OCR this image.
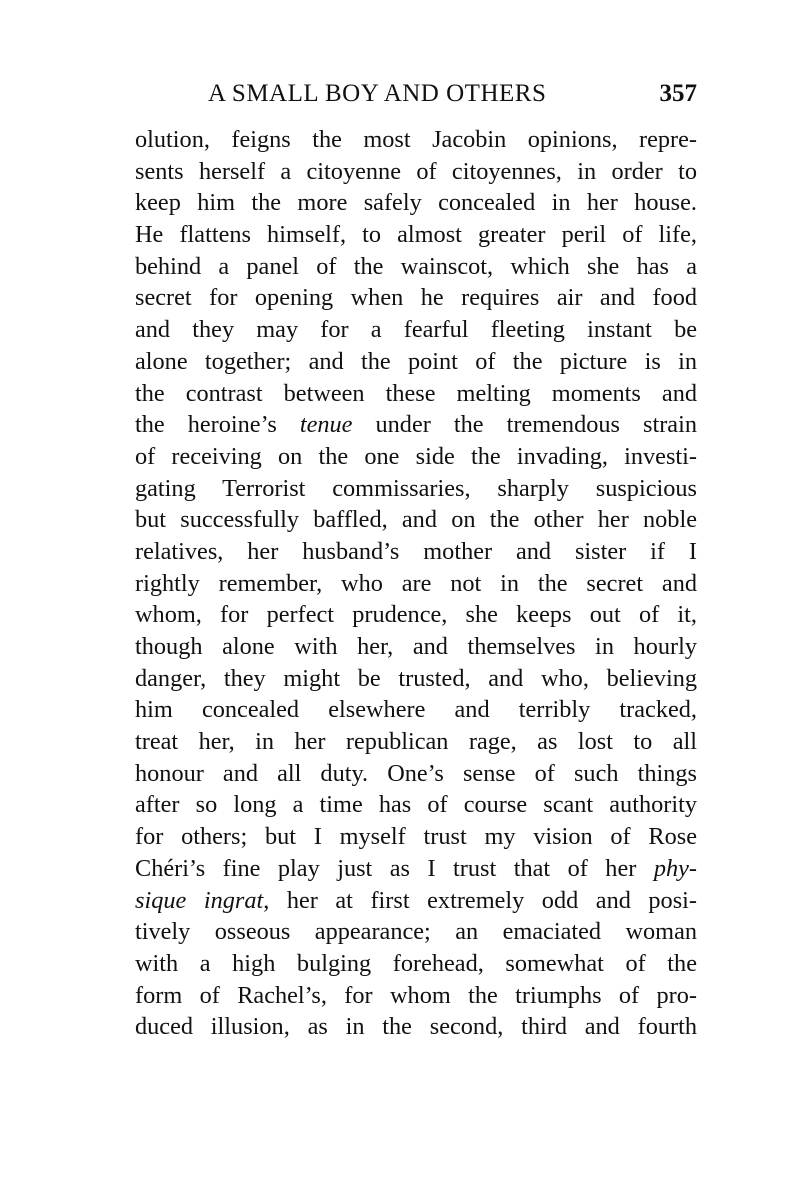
A SMALL BOY AND OTHERS	357
olution, feigns the most Jacobin opinions, repre-
sents herself a citoyenne of citoyennes, in order to
keep him the more safely concealed in her house.
He flattens himself, to almost greater peril of life,
behind a panel of the wainscot, which she has a
secret for opening when he requires air and food
and they may for a fearful fleeting instant be
alone together; and the point of the picture is in
the contrast between these melting moments and
the heroine’s tenue under the tremendous strain
of receiving on the one side the invading, investi-
gating Terrorist commissaries, sharply suspicious
but successfully baffled, and on the other her noble
relatives, her husband’s mother and sister if I
rightly remember, who are not in the secret and
whom, for perfect prudence, she keeps out of it,
though alone with her, and themselves in hourly
danger, they might be trusted, and who, believing
him concealed elsewhere and terribly tracked,
treat her, in her republican rage, as lost to all
honour and all duty. One’s sense of such things
after so long a time has of course scant authority
for others; but I myself trust my vision of Rose
Chéri’s fine play just as I trust that of her phy-
sique ingrat, her at first extremely odd and posi-
tively osseous appearance; an emaciated woman
with a high bulging forehead, somewhat of the
form of Rachel’s, for whom the triumphs of pro-
duced illusion, as in the second, third and fourth
